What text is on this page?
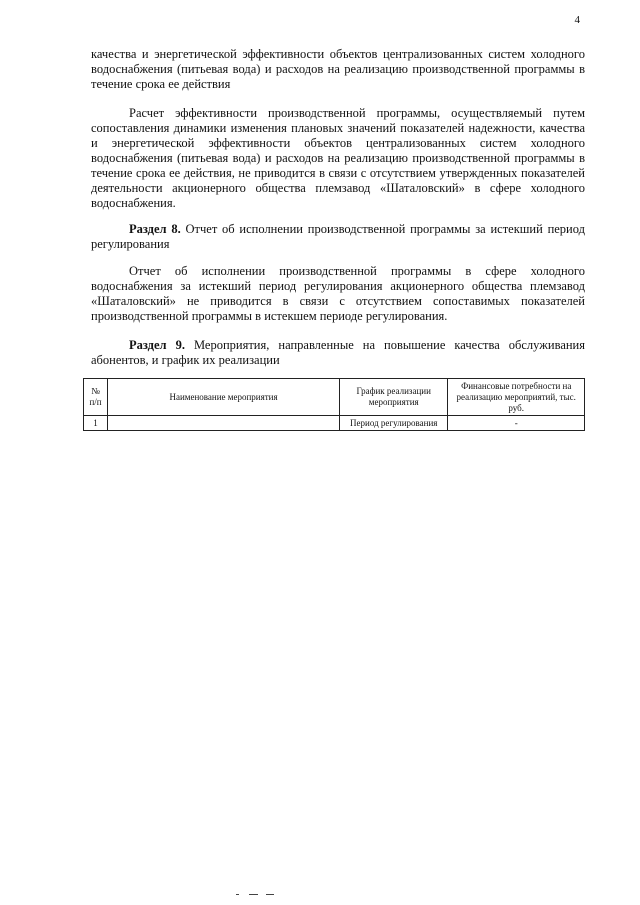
4

качества и энергетической эффективности объектов централизованных систем холодного водоснабжения (питьевая вода) и расходов на реализацию производственной программы в течение срока ее действия

Расчет эффективности производственной программы, осуществляемый путем сопоставления динамики изменения плановых значений показателей надежности, качества и энергетической эффективности объектов централизованных систем холодного водоснабжения (питьевая вода) и расходов на реализацию производственной программы в течение срока ее действия, не приводится в связи с отсутствием утвержденных показателей деятельности акционерного общества племзавод «Шаталовский» в сфере холодного водоснабжения.

Раздел 8. Отчет об исполнении производственной программы за истекший период регулирования

Отчет об исполнении производственной программы в сфере холодного водоснабжения за истекший период регулирования акционерного общества племзавод «Шаталовский» не приводится в связи с отсутствием сопоставимых показателей производственной программы в истекшем периоде регулирования.

Раздел 9. Мероприятия, направленные на повышение качества обслуживания абонентов, и график их реализации

№ п/п	Наименование мероприятия	График реализации мероприятия	Финансовые потребности на реализацию мероприятий, тыс. руб.
1		Период регулирования	-
